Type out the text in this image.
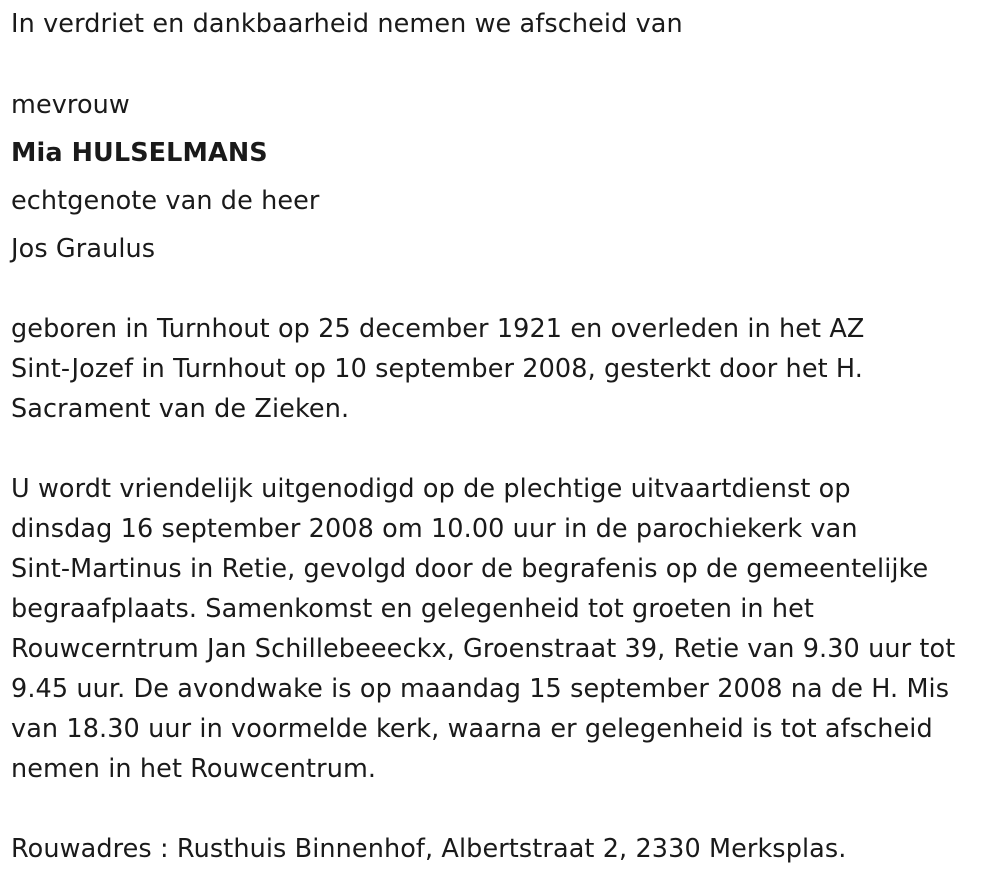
In verdriet en dankbaarheid nemen we afscheid van
mevrouw
Mia HULSELMANS
echtgenote van de heer
Jos Graulus
geboren in Turnhout op 25 december 1921 en overleden in het AZ
Sint-Jozef in Turnhout op 10 september 2008, gesterkt door het H.
Sacrament van de Zieken.
U wordt vriendelijk uitgenodigd op de plechtige uitvaartdienst op
dinsdag 16 september 2008 om 10.00 uur in de parochiekerk van
Sint-Martinus in Retie, gevolgd door de begrafenis op de gemeentelijke
begraafplaats. Samenkomst en gelegenheid tot groeten in het
Rouwcerntrum Jan Schillebeeeckx, Groenstraat 39, Retie van 9.30 uur tot
9.45 uur. De avondwake is op maandag 15 september 2008 na de H. Mis
van 18.30 uur in voormelde kerk, waarna er gelegenheid is tot afscheid
nemen in het Rouwcentrum.
Rouwadres : Rusthuis Binnenhof, Albertstraat 2, 2330 Merksplas.
